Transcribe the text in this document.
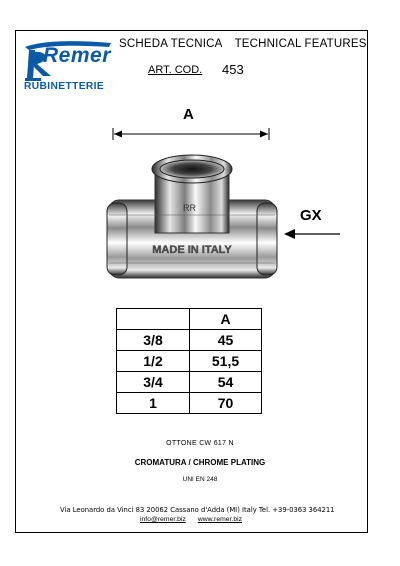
Remer
RUBINETTERIE
SCHEDA TECNICA TECHNICAL FEATURES
ART. COD. 453
A
GX
RR
MADE IN ITALY
	A
3/8	45
1/2	51,5
3/4	54
1	70
OTTONE CW 617 N
CROMATURA / CHROME PLATING
UNI EN 248
Via Leonardo da Vinci 83 20062 Cassano d'Adda (MI) Italy Tel. +39-0363 364211
info@remer.biz www.remer.biz
